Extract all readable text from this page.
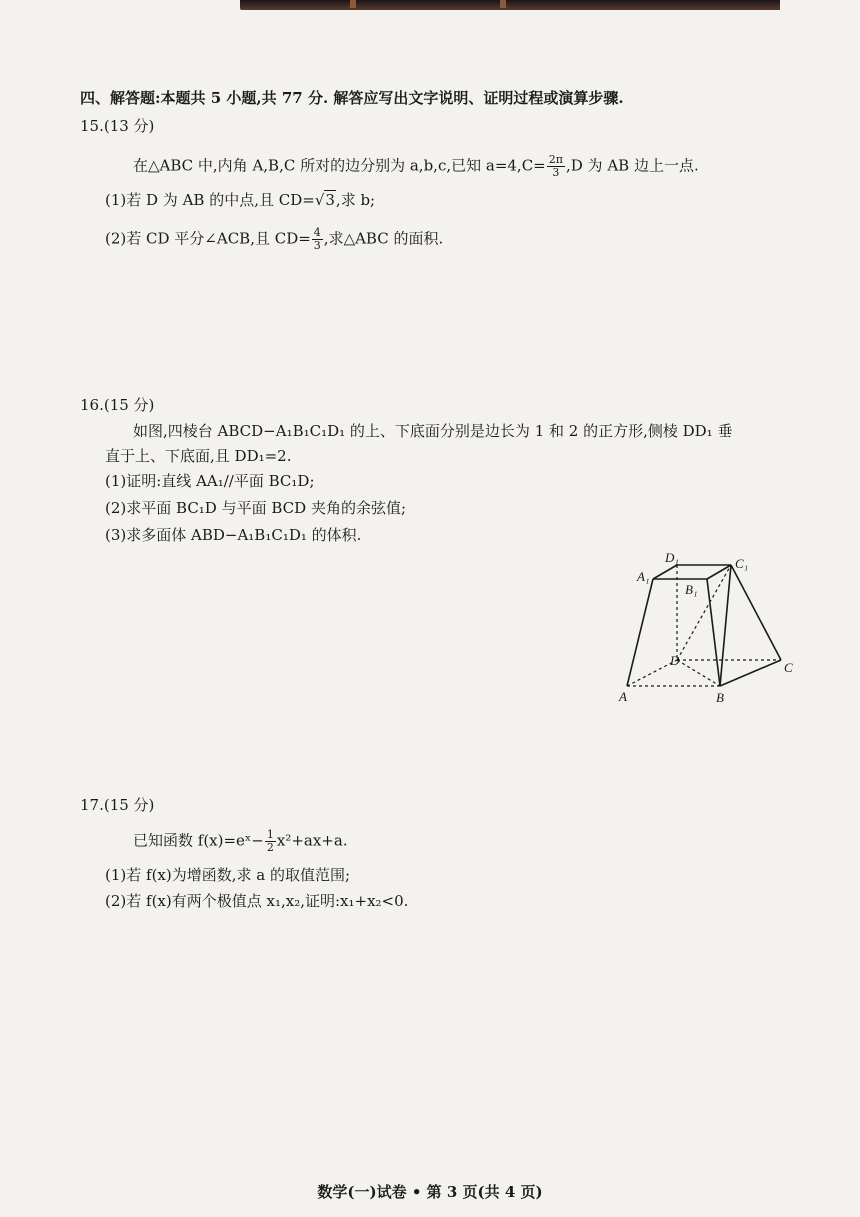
四、解答题:本题共 5 小题,共 77 分. 解答应写出文字说明、证明过程或演算步骤.
15.(13 分)
在△ABC 中,内角 A,B,C 所对的边分别为 a,b,c,已知 $a=4,C= \frac{2\pi}{3} ,D$ 为 AB 边上一点.
(1)若 D 为 AB 的中点,且 CD=√3,求 b;
(2)若 CD 平分∠ACB,且 $CD= \frac{4}{3}$ ,求△ABC 的面积.
16.(15 分)
如图,四棱台 ABCD−A₁B₁C₁D₁ 的上、下底面分别是边长为 1 和 2 的正方形,侧棱 DD₁ 垂
直于上、下底面,且 DD₁=2.
(1)证明:直线 AA₁//平面 BC₁D;
(2)求平面 BC₁D 与平面 BCD 夹角的余弦值;
(3)求多面体 ABD−A₁B₁C₁D₁ 的体积.
A₁
D₁	C₁
B₁
D	C
A	B
17.(15 分)
已知函数 f(x)=eˣ− $\frac{1}{2} x^2+ax+a$.
(1)若 f(x)为增函数,求 a 的取值范围;
(2)若 f(x)有两个极值点 x₁,x₂,证明:x₁+x₂<0.
数学(一)试卷 • 第 3 页(共 4 页)
